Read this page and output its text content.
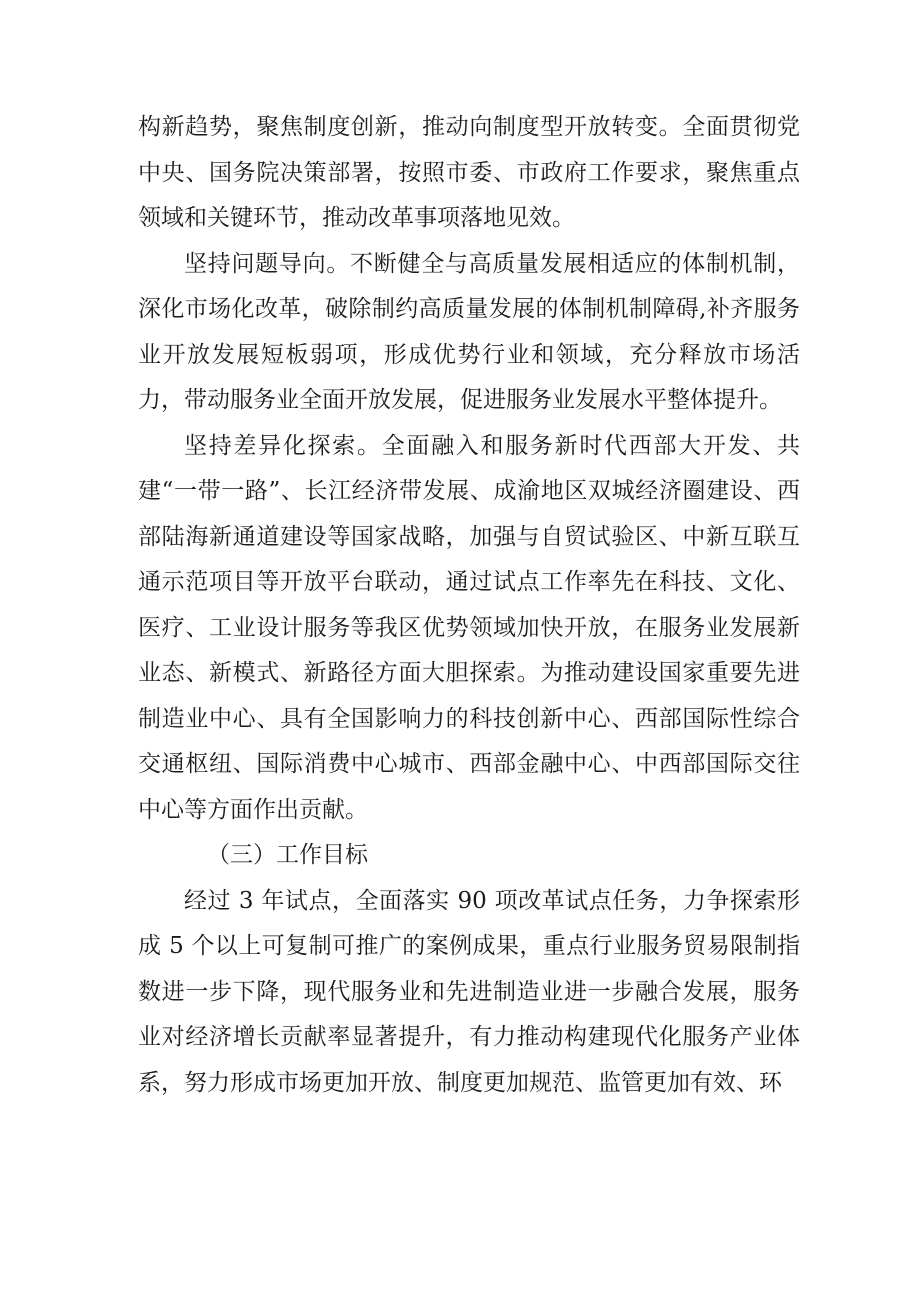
构新趋势，聚焦制度创新，推动向制度型开放转变。全面贯彻党中央、国务院决策部署，按照市委、市政府工作要求，聚焦重点领域和关键环节，推动改革事项落地见效。

坚持问题导向。不断健全与高质量发展相适应的体制机制，深化市场化改革，破除制约高质量发展的体制机制障碍,补齐服务业开放发展短板弱项，形成优势行业和领域，充分释放市场活力，带动服务业全面开放发展，促进服务业发展水平整体提升。

坚持差异化探索。全面融入和服务新时代西部大开发、共建“一带一路”、长江经济带发展、成渝地区双城经济圈建设、西部陆海新通道建设等国家战略，加强与自贸试验区、中新互联互通示范项目等开放平台联动，通过试点工作率先在科技、文化、医疗、工业设计服务等我区优势领域加快开放，在服务业发展新业态、新模式、新路径方面大胆探索。为推动建设国家重要先进制造业中心、具有全国影响力的科技创新中心、西部国际性综合交通枢纽、国际消费中心城市、西部金融中心、中西部国际交往中心等方面作出贡献。

（三）工作目标

经过 3 年试点，全面落实 90 项改革试点任务，力争探索形成 5 个以上可复制可推广的案例成果，重点行业服务贸易限制指数进一步下降，现代服务业和先进制造业进一步融合发展，服务业对经济增长贡献率显著提升，有力推动构建现代化服务产业体系，努力形成市场更加开放、制度更加规范、监管更加有效、环
